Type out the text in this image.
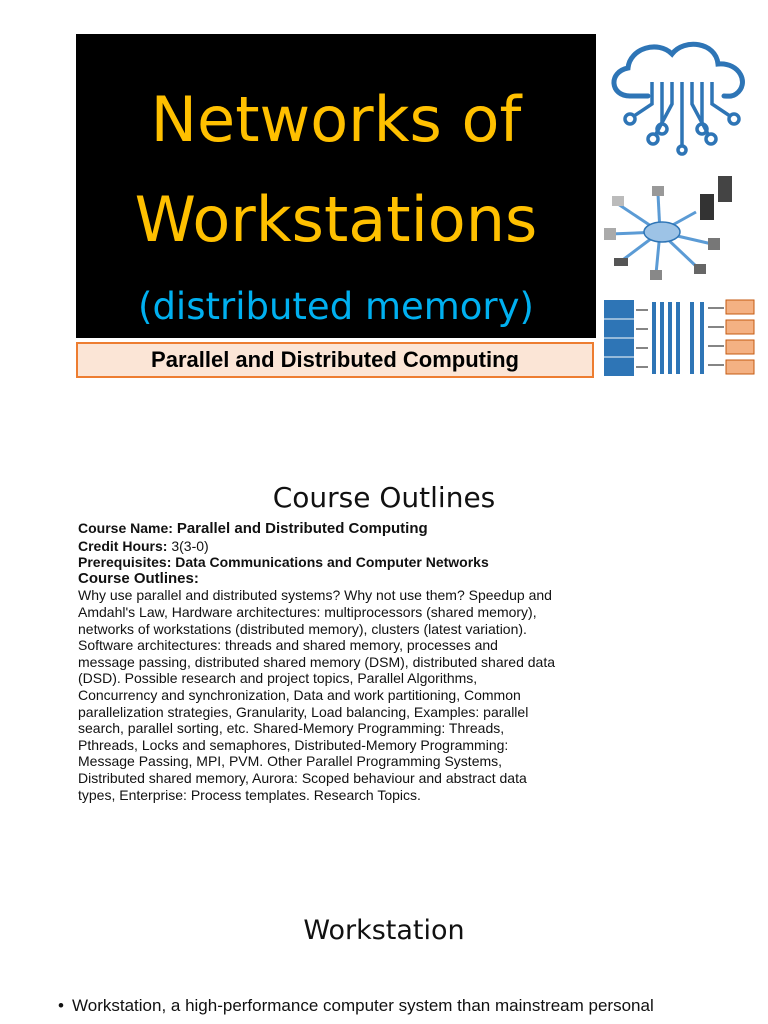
Networks of
Workstations
(distributed memory)
Parallel and Distributed Computing
Course Outlines
Course Name: Parallel and Distributed Computing
Credit Hours: 3(3-0)
Prerequisites: Data Communications and Computer Networks
Course Outlines:
Why use parallel and distributed systems? Why not use them? Speedup and
Amdahl's Law, Hardware architectures: multiprocessors (shared memory),
networks of workstations (distributed memory), clusters (latest variation).
Software architectures: threads and shared memory, processes and
message passing, distributed shared memory (DSM), distributed shared data
(DSD). Possible research and project topics, Parallel Algorithms,
Concurrency and synchronization, Data and work partitioning, Common
parallelization strategies, Granularity, Load balancing, Examples: parallel
search, parallel sorting, etc. Shared-Memory Programming: Threads,
Pthreads, Locks and semaphores, Distributed-Memory Programming:
Message Passing, MPI, PVM. Other Parallel Programming Systems,
Distributed shared memory, Aurora: Scoped behaviour and abstract data
types, Enterprise: Process templates. Research Topics.
Workstation
• Workstation, a high-performance computer system than mainstream personal
